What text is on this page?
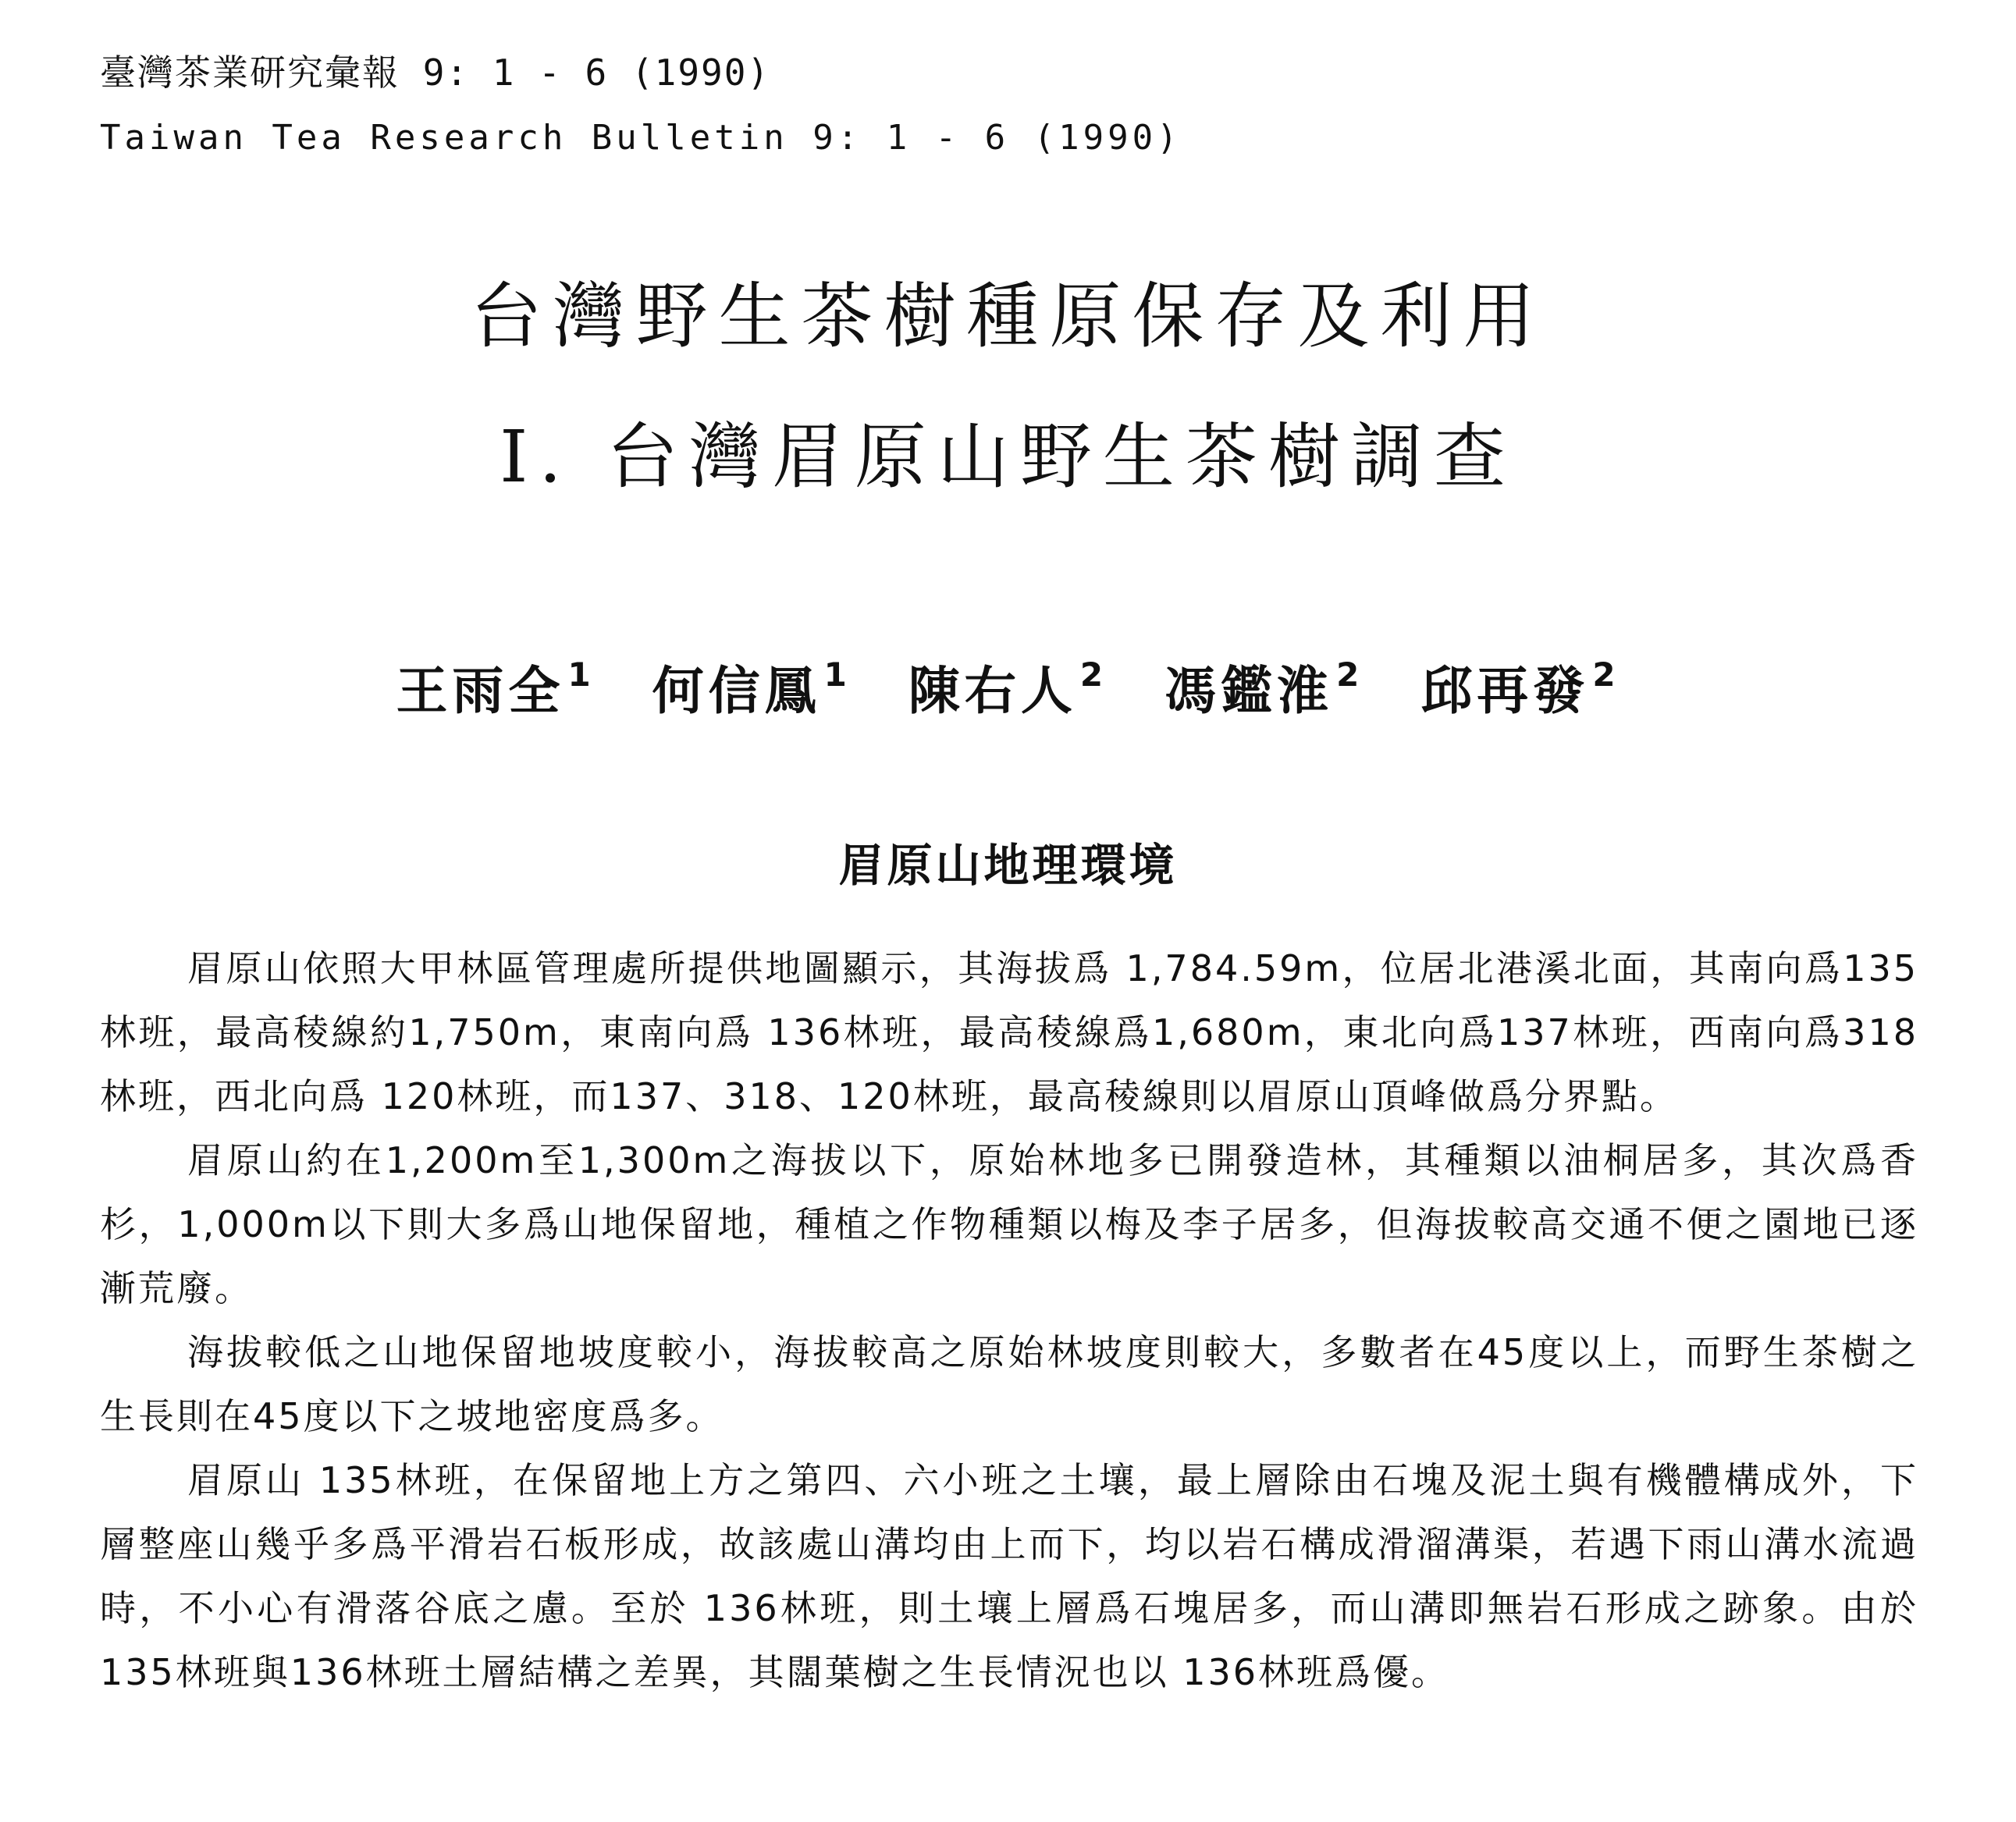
臺灣茶業研究彙報 9: 1 - 6 (1990)
Taiwan Tea Research Bulletin 9: 1 - 6 (1990)
台灣野生茶樹種原保存及利用
I. 台灣眉原山野生茶樹調查
王雨全$^1$ 何信鳳$^1$ 陳右人$^2$ 馮鑑淮$^2$ 邱再發$^2$
眉原山地理環境

眉原山依照大甲林區管理處所提供地圖顯示，其海拔爲 1,784.59m，位居北港溪北面，其南向爲135林班，最高稜線約1,750m，東南向爲 136林班，最高稜線爲1,680m，東北向爲137林班，西南向爲318林班，西北向爲 120林班，而137、318、120林班，最高稜線則以眉原山頂峰做爲分界點。

眉原山約在1,200m至1,300m之海拔以下，原始林地多已開發造林，其種類以油桐居多，其次爲香杉，1,000m以下則大多爲山地保留地，種植之作物種類以梅及李子居多，但海拔較高交通不便之園地已逐漸荒廢。

海拔較低之山地保留地坡度較小，海拔較高之原始林坡度則較大，多數者在45度以上，而野生茶樹之生長則在45度以下之坡地密度爲多。

眉原山 135林班，在保留地上方之第四、六小班之土壤，最上層除由石塊及泥土與有機體構成外，下層整座山幾乎多爲平滑岩石板形成，故該處山溝均由上而下，均以岩石構成滑溜溝渠，若遇下雨山溝水流過時，不小心有滑落谷底之慮。至於 136林班，則土壤上層爲石塊居多，而山溝即無岩石形成之跡象。由於135林班與136林班土層結構之差異，其闊葉樹之生長情況也以 136林班爲優。
